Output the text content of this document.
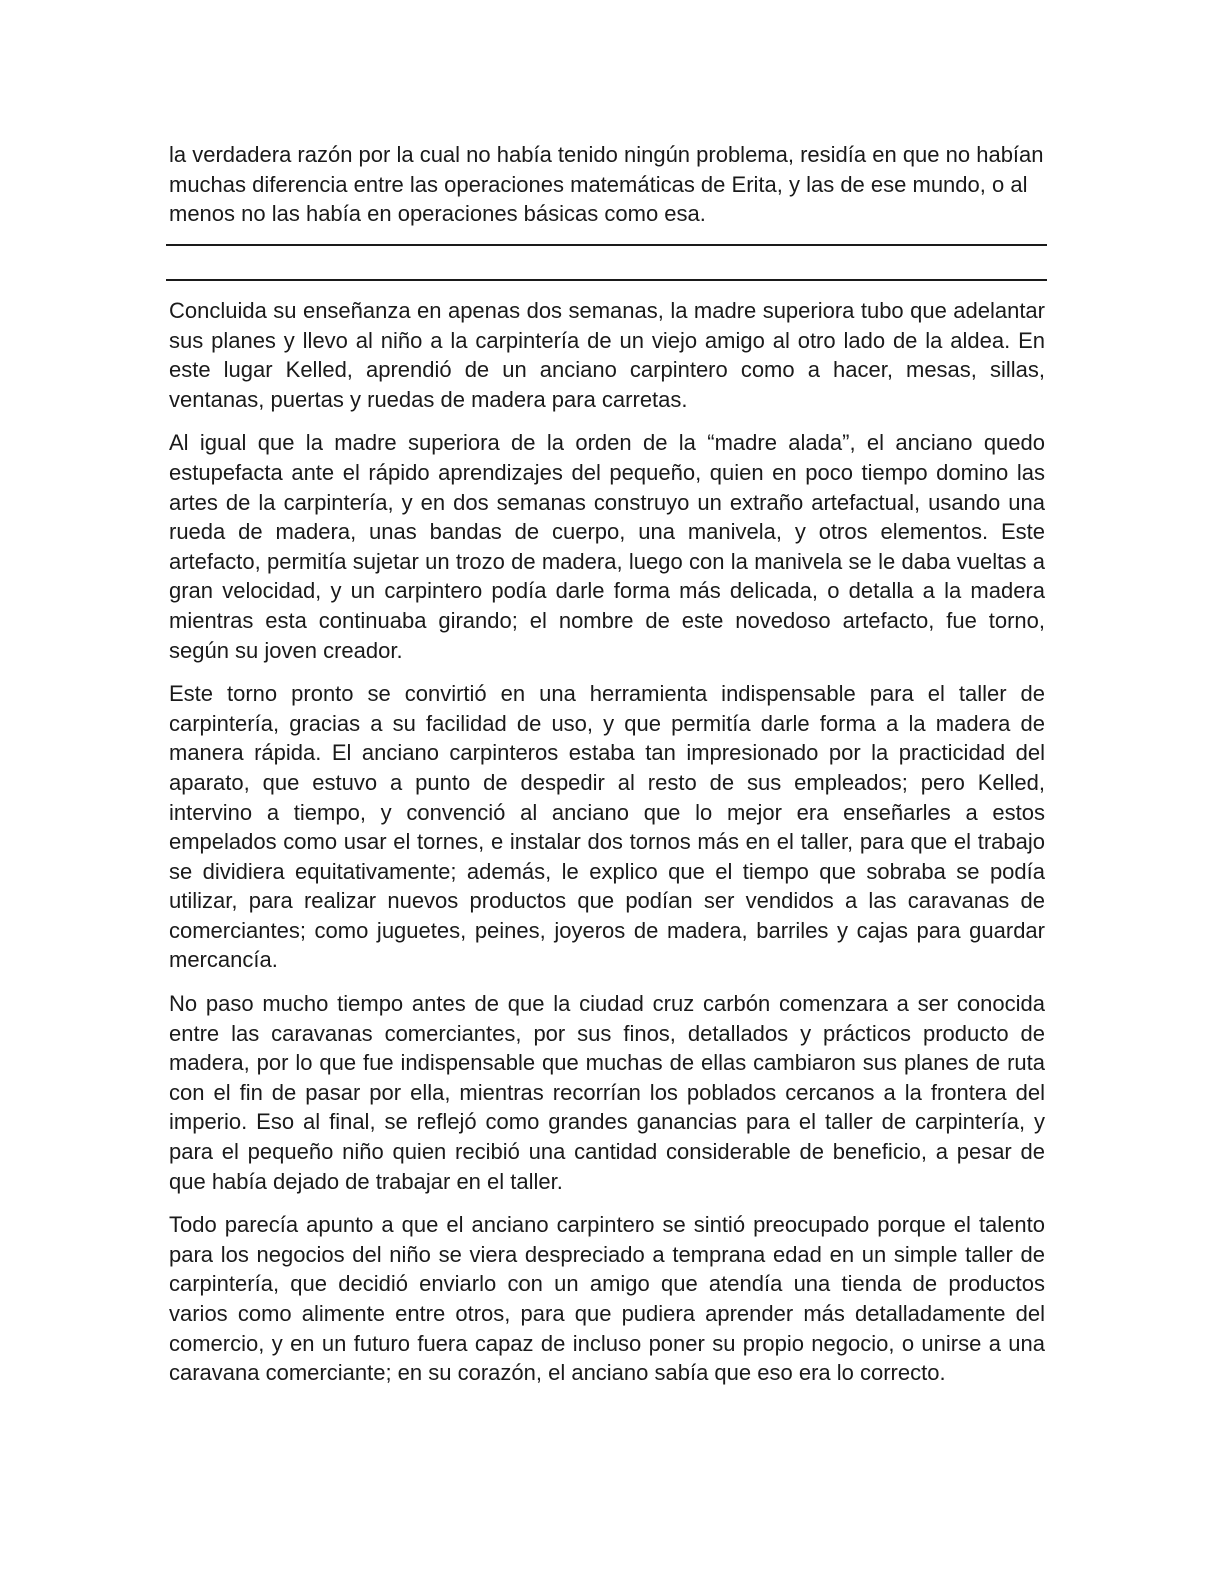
la verdadera razón por la cual no había tenido ningún problema, residía en que no habían muchas diferencia entre las operaciones matemáticas de Erita, y las de ese mundo, o al menos no las había en operaciones básicas como esa.

Concluida su enseñanza en apenas dos semanas, la madre superiora tubo que adelantar sus planes y llevo al niño a la carpintería de un viejo amigo al otro lado de la aldea. En este lugar Kelled, aprendió de un anciano carpintero como a hacer, mesas, sillas, ventanas, puertas y ruedas de madera para carretas.

Al igual que la madre superiora de la orden de la “madre alada”, el anciano quedo estupefacta ante el rápido aprendizajes del pequeño, quien en poco tiempo domino las artes de la carpintería, y en dos semanas construyo un extraño artefactual, usando una rueda de madera, unas bandas de cuerpo, una manivela, y otros elementos. Este artefacto, permitía sujetar un trozo de madera, luego con la manivela se le daba vueltas a gran velocidad, y un carpintero podía darle forma más delicada, o detalla a la madera mientras esta continuaba girando; el nombre de este novedoso artefacto, fue torno, según su joven creador.

Este torno pronto se convirtió en una herramienta indispensable para el taller de carpintería, gracias a su facilidad de uso, y que permitía darle forma a la madera de manera rápida. El anciano carpinteros estaba tan impresionado por la practicidad del aparato, que estuvo a punto de despedir al resto de sus empleados; pero Kelled, intervino a tiempo, y convenció al anciano que lo mejor era enseñarles a estos empelados como usar el tornes, e instalar dos tornos más en el taller, para que el trabajo se dividiera equitativamente; además, le explico que el tiempo que sobraba se podía utilizar, para realizar nuevos productos que podían ser vendidos a las caravanas de comerciantes; como juguetes, peines, joyeros de madera, barriles y cajas para guardar mercancía.

No paso mucho tiempo antes de que la ciudad cruz carbón comenzara a ser conocida entre las caravanas comerciantes, por sus finos, detallados y prácticos producto de madera, por lo que fue indispensable que muchas de ellas cambiaron sus planes de ruta con el fin de pasar por ella, mientras recorrían los poblados cercanos a la frontera del imperio. Eso al final, se reflejó como grandes ganancias para el taller de carpintería, y para el pequeño niño quien recibió una cantidad considerable de beneficio, a pesar de que había dejado de trabajar en el taller.

Todo parecía apunto a que el anciano carpintero se sintió preocupado porque el talento para los negocios del niño se viera despreciado a temprana edad en un simple taller de carpintería, que decidió enviarlo con un amigo que atendía una tienda de productos varios como alimente entre otros, para que pudiera aprender más detalladamente del comercio, y en un futuro fuera capaz de incluso poner su propio negocio, o unirse a una caravana comerciante; en su corazón, el anciano sabía que eso era lo correcto.
